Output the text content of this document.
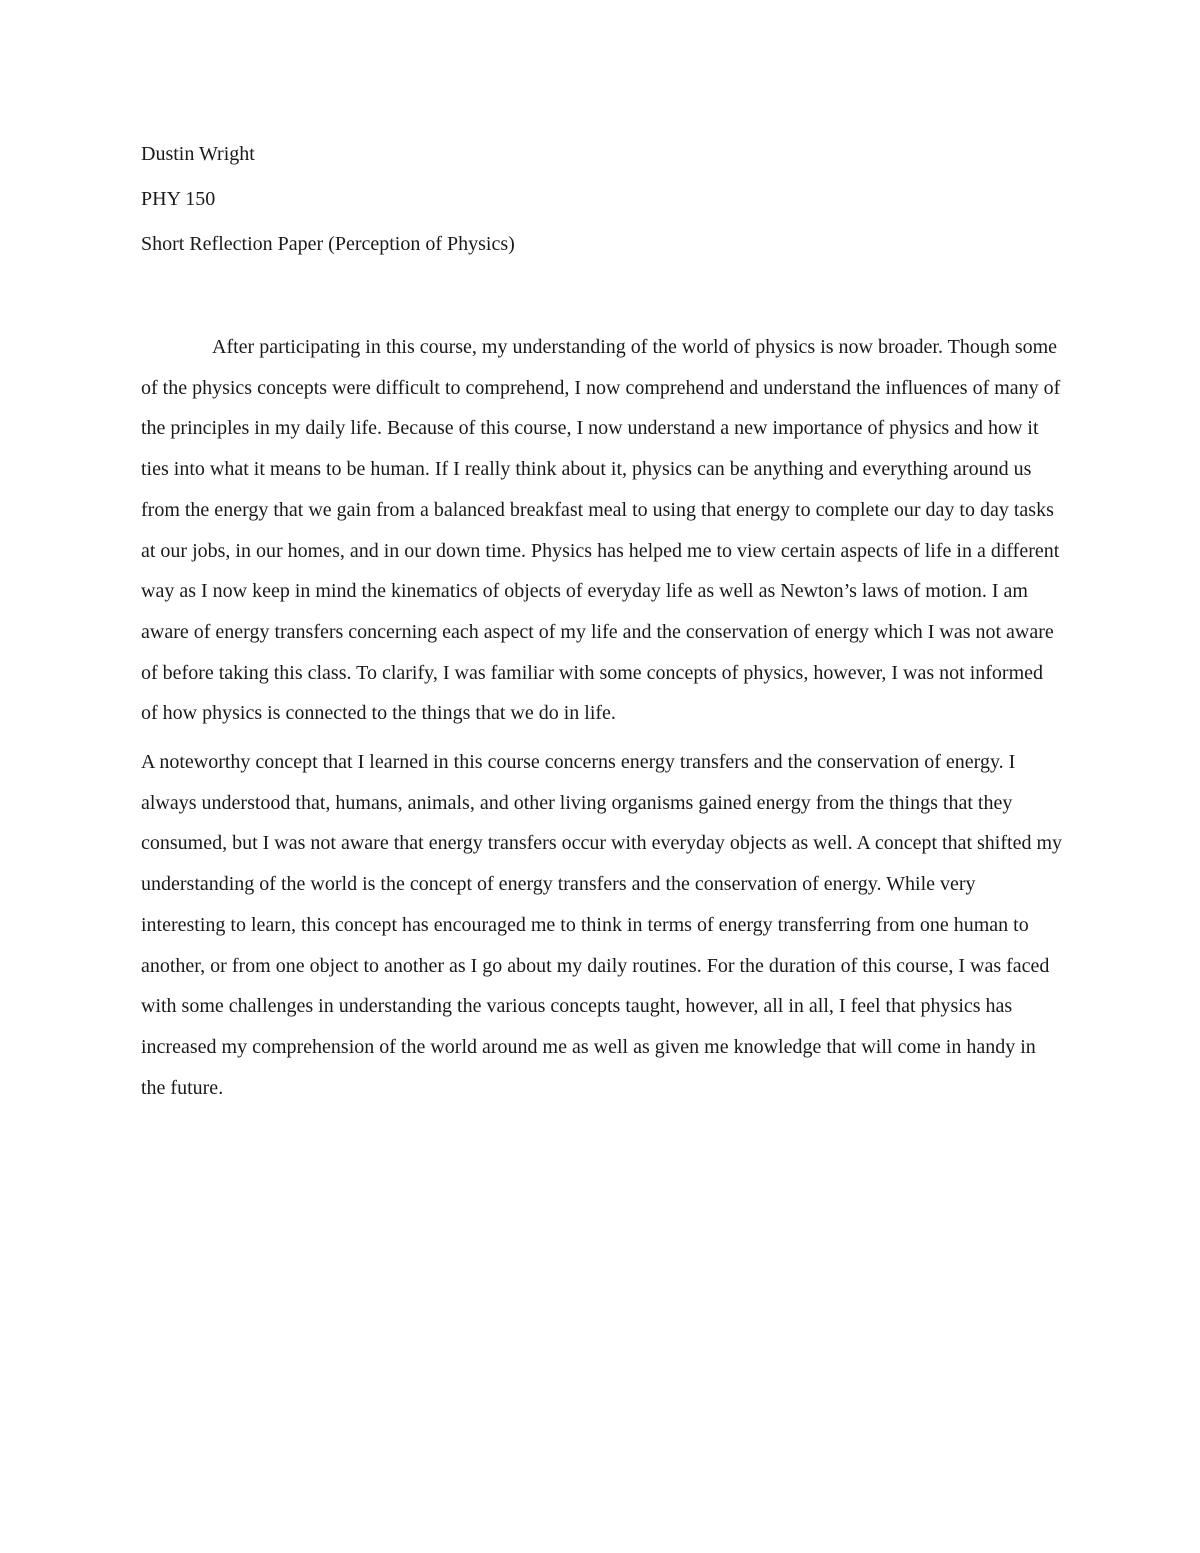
Dustin Wright

PHY 150

Short Reflection Paper (Perception of Physics)

After participating in this course, my understanding of the world of physics is now broader. Though some of the physics concepts were difficult to comprehend, I now comprehend and understand the influences of many of the principles in my daily life. Because of this course, I now understand a new importance of physics and how it ties into what it means to be human. If I really think about it, physics can be anything and everything around us from the energy that we gain from a balanced breakfast meal to using that energy to complete our day to day tasks at our jobs, in our homes, and in our down time. Physics has helped me to view certain aspects of life in a different way as I now keep in mind the kinematics of objects of everyday life as well as Newton’s laws of motion. I am aware of energy transfers concerning each aspect of my life and the conservation of energy which I was not aware of before taking this class. To clarify, I was familiar with some concepts of physics, however, I was not informed of how physics is connected to the things that we do in life.

A noteworthy concept that I learned in this course concerns energy transfers and the conservation of energy. I always understood that, humans, animals, and other living organisms gained energy from the things that they consumed, but I was not aware that energy transfers occur with everyday objects as well. A concept that shifted my understanding of the world is the concept of energy transfers and the conservation of energy. While very interesting to learn, this concept has encouraged me to think in terms of energy transferring from one human to another, or from one object to another as I go about my daily routines. For the duration of this course, I was faced with some challenges in understanding the various concepts taught, however, all in all, I feel that physics has increased my comprehension of the world around me as well as given me knowledge that will come in handy in the future.
